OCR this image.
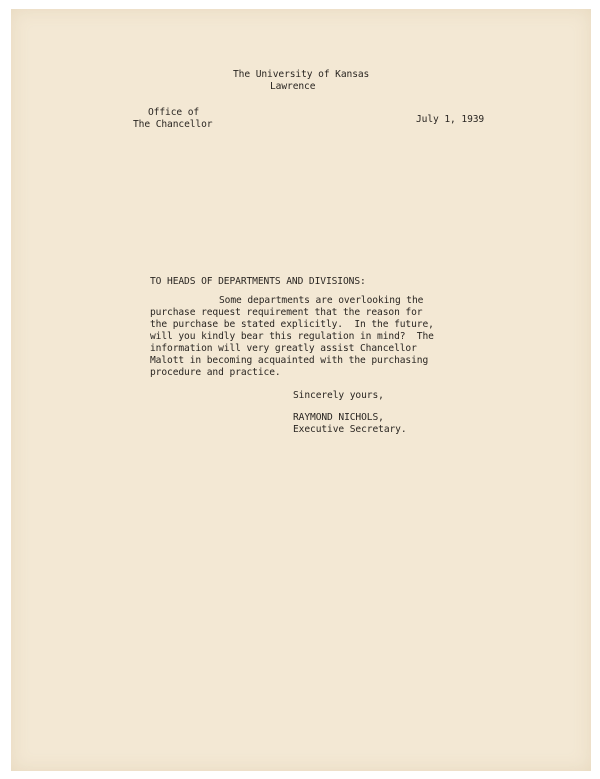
The University of Kansas
Lawrence
Office of
The Chancellor	July 1, 1939
TO HEADS OF DEPARTMENTS AND DIVISIONS:
Some departments are overlooking the
purchase request requirement that the reason for
the purchase be stated explicitly.  In the future,
will you kindly bear this regulation in mind?  The
information will very greatly assist Chancellor
Malott in becoming acquainted with the purchasing
procedure and practice.
Sincerely yours,
RAYMOND NICHOLS,
Executive Secretary.
